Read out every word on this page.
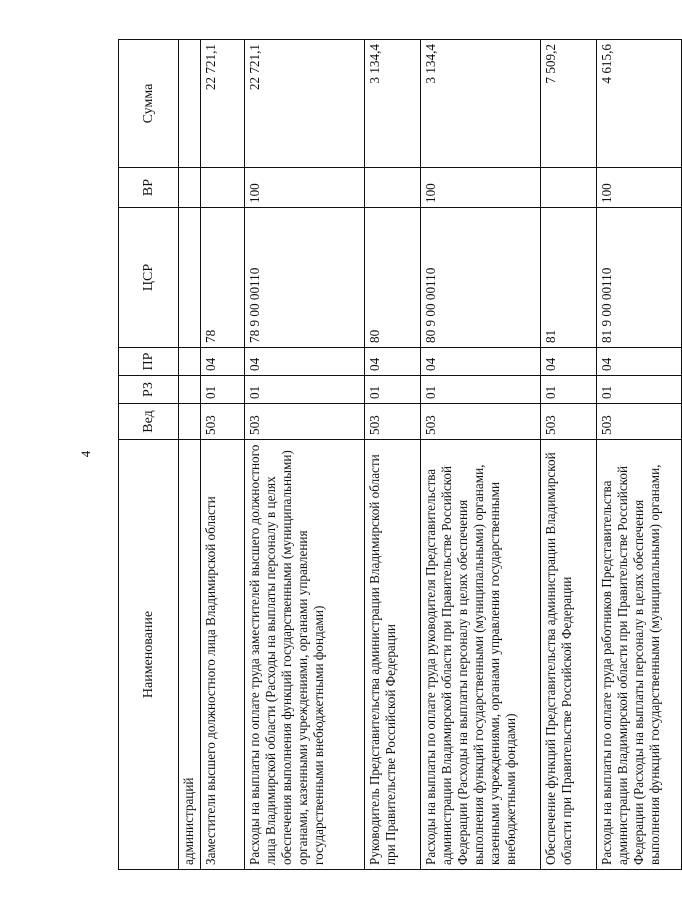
4
Наименование	Вед	РЗ	ПР	ЦСР	ВР	Сумма
администраций						
Заместители высшего должностного лица Владимирской области	503	01	04	78		22 721,1
Расходы на выплаты по оплате труда заместителей высшего должностного лица Владимирской области (Расходы на выплаты персоналу в целях обеспечения выполнения функций государственными (муниципальными) органами, казенными учреждениями, органами управления государственными внебюджетными фондами)	503	01	04	78 9 00 00110	100	22 721,1
Руководитель Представительства администрации Владимирской области при Правительстве Российской Федерации	503	01	04	80		3 134,4
Расходы на выплаты по оплате труда руководителя Представительства администрации Владимирской области при Правительстве Российской Федерации (Расходы на выплаты персоналу в целях обеспечения выполнения функций государственными (муниципальными) органами, казенными учреждениями, органами управления государственными внебюджетными фондами)	503	01	04	80 9 00 00110	100	3 134,4
Обеспечение функций Представительства администрации Владимирской области при Правительстве Российской Федерации	503	01	04	81		7 509,2
Расходы на выплаты по оплате труда работников Представительства администрации Владимирской области при Правительстве Российской Федерации (Расходы на выплаты персоналу в целях обеспечения выполнения функций государственными (муниципальными) органами,	503	01	04	81 9 00 00110	100	4 615,6
